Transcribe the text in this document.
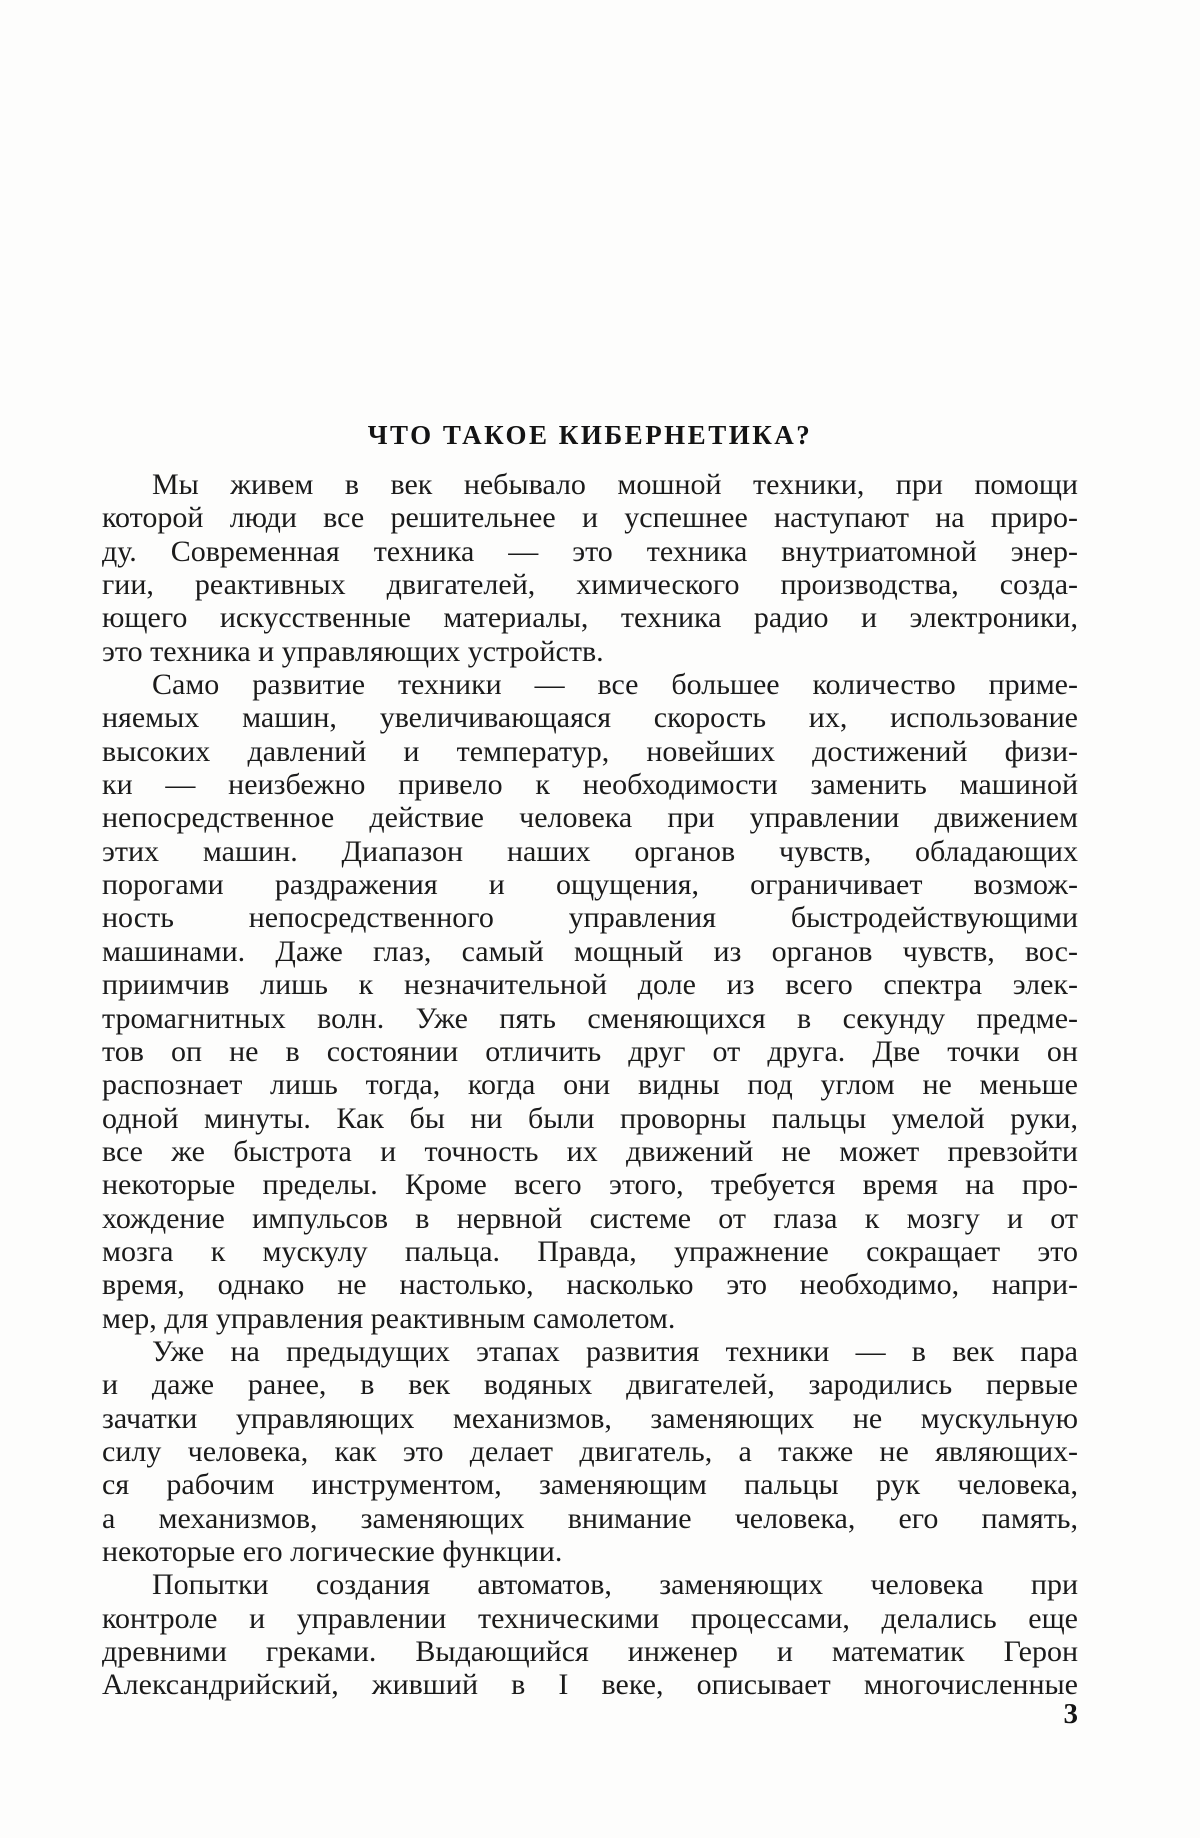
ЧТО ТАКОЕ КИБЕРНЕТИКА?
Мы живем в век небывало мошной техники, при помощи
которой люди все решительнее и успешнее наступают на приро-
ду. Современная техника — это техника внутриатомной энер-
гии, реактивных двигателей, химического производства, созда-
ющего искусственные материалы, техника радио и электроники,
это техника и управляющих устройств.
Само развитие техники — все большее количество приме-
няемых машин, увеличивающаяся скорость их, использование
высоких давлений и температур, новейших достижений физи-
ки — неизбежно привело к необходимости заменить машиной
непосредственное действие человека при управлении движением
этих машин. Диапазон наших органов чувств, обладающих
порогами раздражения и ощущения, ограничивает возмож-
ность непосредственного управления быстродействующими
машинами. Даже глаз, самый мощный из органов чувств, вос-
приимчив лишь к незначительной доле из всего спектра элек-
тромагнитных волн. Уже пять сменяющихся в секунду предме-
тов оп не в состоянии отличить друг от друга. Две точки он
распознает лишь тогда, когда они видны под углом не меньше
одной минуты. Как бы ни были проворны пальцы умелой руки,
все же быстрота и точность их движений не может превзойти
некоторые пределы. Кроме всего этого, требуется время на про-
хождение импульсов в нервной системе от глаза к мозгу и от
мозга к мускулу пальца. Правда, упражнение сокращает это
время, однако не настолько, насколько это необходимо, напри-
мер, для управления реактивным самолетом.
Уже на предыдущих этапах развития техники — в век пара
и даже ранее, в век водяных двигателей, зародились первые
зачатки управляющих механизмов, заменяющих не мускульную
силу человека, как это делает двигатель, а также не являющих-
ся рабочим инструментом, заменяющим пальцы рук человека,
а механизмов, заменяющих внимание человека, его память,
некоторые его логические функции.
Попытки создания автоматов, заменяющих человека при
контроле и управлении техническими процессами, делались еще
древними греками. Выдающийся инженер и математик Герон
Александрийский, живший в I веке, описывает многочисленные
3
